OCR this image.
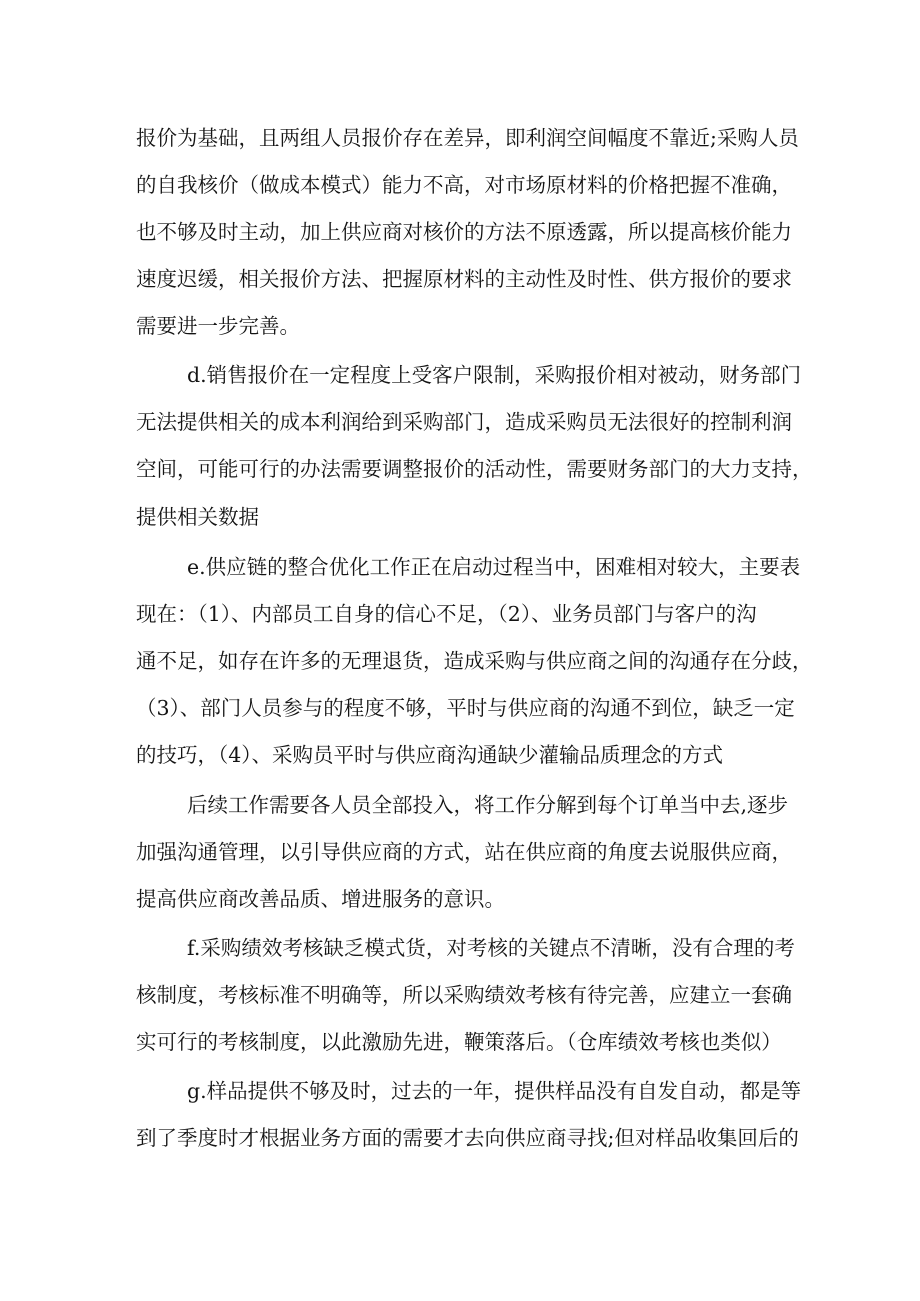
报价为基础，且两组人员报价存在差异，即利润空间幅度不靠近;采购人员
的自我核价（做成本模式）能力不高，对市场原材料的价格把握不准确，
也不够及时主动，加上供应商对核价的方法不原透露，所以提高核价能力
速度迟缓，相关报价方法、把握原材料的主动性及时性、供方报价的要求
需要进一步完善。
d.销售报价在一定程度上受客户限制，采购报价相对被动，财务部门
无法提供相关的成本利润给到采购部门，造成采购员无法很好的控制利润
空间，可能可行的办法需要调整报价的活动性，需要财务部门的大力支持，
提供相关数据
e.供应链的整合优化工作正在启动过程当中，困难相对较大，主要表
现在：（1）、内部员工自身的信心不足，（2）、业务员部门与客户的沟
通不足，如存在许多的无理退货，造成采购与供应商之间的沟通存在分歧，
（3）、部门人员参与的程度不够，平时与供应商的沟通不到位，缺乏一定
的技巧，（4）、采购员平时与供应商沟通缺少灌输品质理念的方式
后续工作需要各人员全部投入，将工作分解到每个订单当中去,逐步
加强沟通管理，以引导供应商的方式，站在供应商的角度去说服供应商，
提高供应商改善品质、增进服务的意识。
f.采购绩效考核缺乏模式货，对考核的关键点不清晰，没有合理的考
核制度，考核标准不明确等，所以采购绩效考核有待完善，应建立一套确
实可行的考核制度，以此激励先进，鞭策落后。（仓库绩效考核也类似）
g.样品提供不够及时，过去的一年，提供样品没有自发自动，都是等
到了季度时才根据业务方面的需要才去向供应商寻找;但对样品收集回后的
